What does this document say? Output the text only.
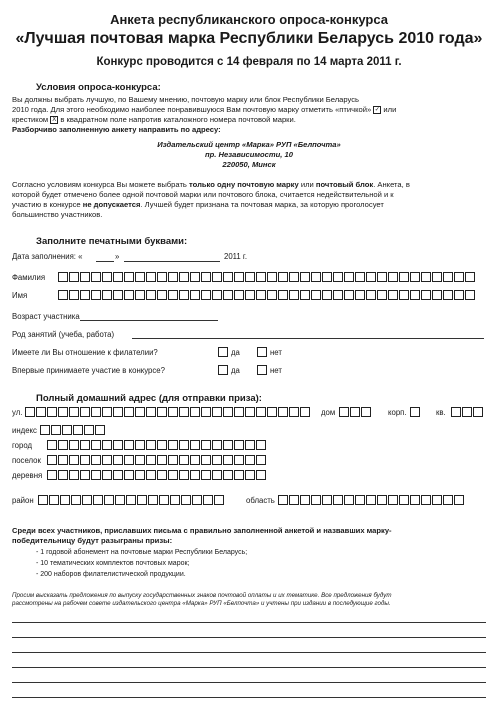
Анкета республиканского опроса-конкурса
«Лучшая почтовая марка Республики Беларусь 2010 года»
Конкурс проводится с 14 февраля по 14 марта 2011 г.
Условия опроса-конкурса:
Вы должны выбрать лучшую, по Вашему мнению, почтовую марку или блок Республики Беларусь
2010 года. Для этого необходимо наиболее понравившуюся Вам почтовую марку отметить «птичкой» ✓ или
крестиком X в квадратном поле напротив каталожного номера почтовой марки.
Разборчиво заполненную анкету направить по адресу:
Издательский центр «Марка» РУП «Белпочта»
пр. Независимости, 10
220050, Минск
Согласно условиям конкурса Вы можете выбрать только одну почтовую марку или почтовый блок. Анкета, в
которой будет отмечено более одной почтовой марки или почтового блока, считается недействительной и к
участию в конкурсе не допускается. Лучшей будет признана та почтовая марка, за которую проголосует
большинство участников.
Заполните печатными буквами:
Дата заполнения: «	»	2011 г.
Фамилия
Имя
Возраст участника
Род занятий (учеба, работа)
Имеете ли Вы отношение к филателии?	да	нет
Впервые принимаете участие в конкурсе?	да	нет
Полный домашний адрес (для отправки приза):
ул.	дом	корп.	кв.
индекс
город
поселок
деревня
район	область
Среди всех участников, приславших письма с правильно заполненной анкетой и назвавших марку-
победительницу будут разыграны призы:
- 1 годовой абонемент на почтовые марки Республики Беларусь;
- 10 тематических комплектов почтовых марок;
- 200 наборов филателистической продукции.
Просим высказать предложения по выпуску государственных знаков почтовой оплаты и их тематике. Все предложения будут
рассмотрены на рабочем совете издательского центра «Марка» РУП «Белпочта» и учтены при издании в последующие годы.
